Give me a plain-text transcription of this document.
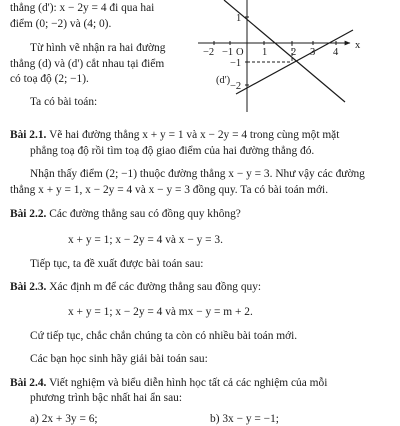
thẳng (d'): x − 2y = 4 đi qua hai
điểm (0; −2) và (4; 0).
Từ hình vẽ nhận ra hai đường
thẳng (d) và (d') cắt nhau tại điểm
có toạ độ (2; −1).
Ta có bài toán:
x
O
−2 −1	1 2 3 4
1
−1
−2
(d')
Bài 2.1. Vẽ hai đường thẳng x + y = 1 và x − 2y = 4 trong cùng một mặt
phẳng toạ độ rồi tìm toạ độ giao điểm của hai đường thẳng đó.
Nhận thấy điểm (2; −1) thuộc đường thẳng x − y = 3. Như vậy các đường
thẳng x + y = 1, x − 2y = 4 và x − y = 3 đồng quy. Ta có bài toán mới.
Bài 2.2. Các đường thẳng sau có đồng quy không?
x + y = 1; x − 2y = 4 và x − y = 3.
Tiếp tục, ta đề xuất được bài toán sau:
Bài 2.3. Xác định m để các đường thẳng sau đồng quy:
x + y = 1; x − 2y = 4 và mx − y = m + 2.
Cứ tiếp tục, chắc chắn chúng ta còn có nhiều bài toán mới.
Các bạn học sinh hãy giải bài toán sau:
Bài 2.4. Viết nghiệm và biểu diễn hình học tất cả các nghiệm của mỗi
phương trình bậc nhất hai ẩn sau:
a) 2x + 3y = 6;	b) 3x − y = −1;
